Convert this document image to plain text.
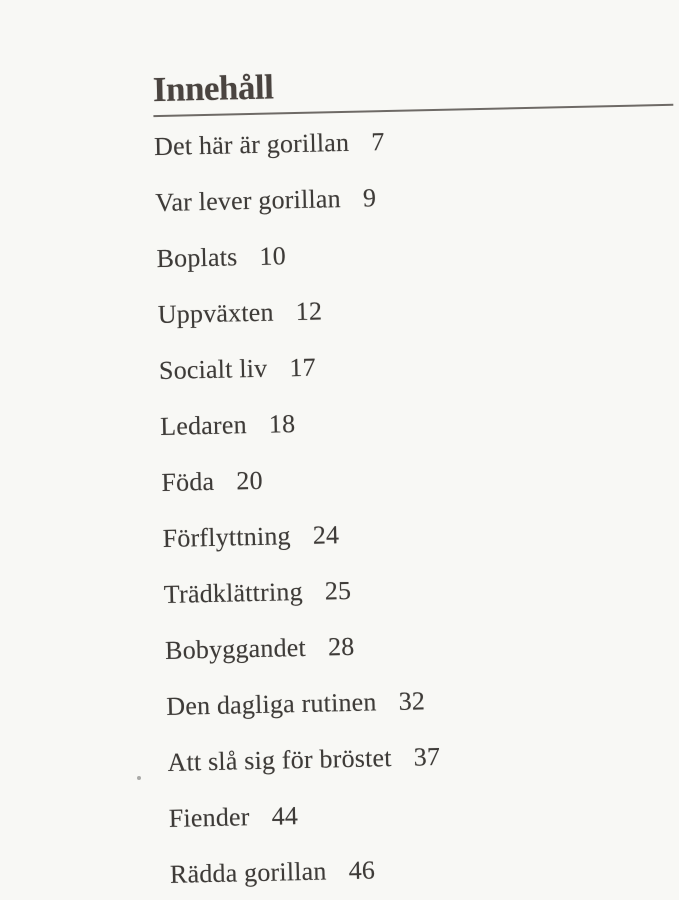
Innehåll
Det här är gorillan 7
Var lever gorillan 9
Boplats 10
Uppväxten 12
Socialt liv 17
Ledaren 18
Föda 20
Förflyttning 24
Trädklättring 25
Bobyggandet 28
Den dagliga rutinen 32
Att slå sig för bröstet 37
Fiender 44
Rädda gorillan 46
